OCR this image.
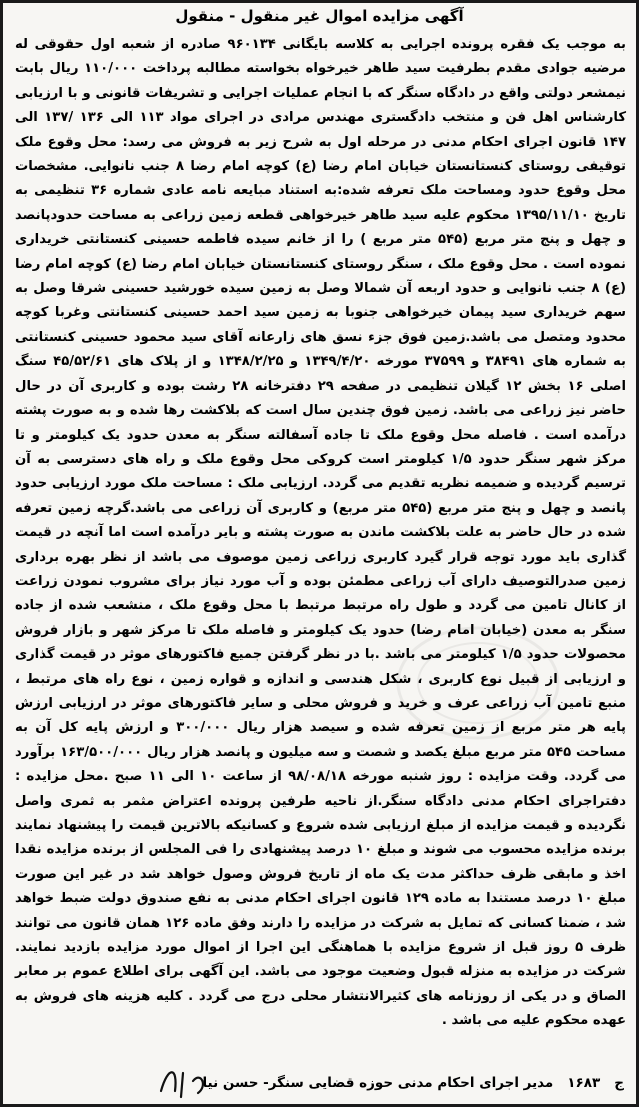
آگهی مزایده اموال غیر منقول - منقول
به موجب یک فقره پرونده اجرایی به کلاسه بایگانی ۹۶۰۱۳۴ صادره از شعبه اول حقوقی له مرضیه جوادی مقدم بطرفیت سید طاهر خیرخواه بخواسته مطالبه پرداخت ۱۱۰/۰۰۰ ریال بابت نیمشعر دولتی واقع در دادگاه سنگر که با انجام عملیات اجرایی و تشریفات قانونی و با ارزیابی کارشناس اهل فن و منتخب دادگستری مهندس مرادی در اجرای مواد ۱۱۳ الی ۱۳۶ /۱۳۷ الی ۱۴۷ قانون اجرای احکام مدنی در مرحله اول به شرح زیر به فروش می رسد: محل وقوع ملک توقیفی روستای کنستانستان خیابان امام رضا (ع) کوچه امام رضا ۸ جنب نانوایی. مشخصات محل وقوع حدود ومساحت ملک تعرفه شده:به استناد مبایعه نامه عادی شماره ۳۶ تنظیمی به تاریخ ۱۳۹۵/۱۱/۱۰ محکوم علیه سید طاهر خیرخواهی قطعه زمین زراعی به مساحت حدودپانصد و چهل و پنج متر مربع (۵۴۵ متر مربع ) را از خانم سیده فاطمه حسینی کنستانتی خریداری نموده است . محل وقوع ملک ، سنگر روستای کنستانستان خیابان امام رضا (ع) کوچه امام رضا (ع) ۸ جنب نانوایی و حدود اربعه آن شمالا وصل به زمین سیده خورشید حسینی شرقا وصل به سهم خریداری سید پیمان خیرخواهی جنوبا به زمین سید احمد حسینی کنستانتی وغربا کوچه محدود ومتصل می باشد.زمین فوق جزء نسق های زارعانه آقای سید محمود حسینی کنستانتی به شماره های ۳۸۴۹۱ و ۳۷۵۹۹ مورخه ۱۳۴۹/۴/۲۰ و ۱۳۴۸/۲/۲۵ و از پلاک های ۴۵/۵۲/۶۱ سنگ اصلی ۱۶ بخش ۱۲ گیلان تنظیمی در صفحه ۲۹ دفترخانه ۲۸ رشت بوده و کاربری آن در حال حاضر نیز زراعی می باشد. زمین فوق چندین سال است که بلاکشت رها شده و به صورت پشته درآمده است . فاصله محل وقوع ملک تا جاده آسفالته سنگر به معدن حدود یک کیلومتر و تا مرکز شهر سنگر حدود ۱/۵ کیلومتر است کروکی محل وقوع ملک و راه های دسترسی به آن ترسیم گردیده و ضمیمه نظریه تقدیم می گردد. ارزیابی ملک : مساحت ملک مورد ارزیابی حدود پانصد و چهل و پنج متر مربع (۵۴۵ متر مربع) و کاربری آن زراعی می باشد.گرچه زمین تعرفه شده در حال حاضر به علت بلاکشت ماندن به صورت پشته و بایر درآمده است اما آنچه در قیمت گذاری باید مورد توجه قرار گیرد کاربری زراعی زمین موصوف می باشد از نظر بهره برداری زمین صدرالتوصیف دارای آب زراعی مطمئن بوده و آب مورد نیاز برای مشروب نمودن زراعت از کانال تامین می گردد و طول راه مرتبط مرتبط با محل وقوع ملک ، منشعب شده از جاده سنگر به معدن (خیابان امام رضا) حدود یک کیلومتر و فاصله ملک تا مرکز شهر و بازار فروش محصولات حدود ۱/۵ کیلومتر می باشد .با در نظر گرفتن جمیع فاکتورهای موثر در قیمت گذاری و ارزیابی از قبیل نوع کاربری ، شکل هندسی و اندازه و قواره زمین ، نوع راه های مرتبط ، منبع تامین آب زراعی عرف و خرید و فروش محلی و سایر فاکتورهای موثر در ارزیابی ارزش پایه هر متر مربع از زمین تعرفه شده و سیصد هزار ریال ۳۰۰/۰۰۰ و ارزش پایه کل آن به مساحت ۵۴۵ متر مربع مبلغ یکصد و شصت و سه میلیون و پانصد هزار ریال ۱۶۳/۵۰۰/۰۰۰ برآورد می گردد. وقت مزایده : روز شنبه مورخه ۹۸/۰۸/۱۸ از ساعت ۱۰ الی ۱۱ صبح .محل مزایده : دفتراجرای احکام مدنی دادگاه سنگر.از ناحیه طرفین پرونده اعتراض مثمر به ثمری واصل نگردیده و قیمت مزایده از مبلغ ارزیابی شده شروع و کسانیکه بالاترین قیمت را پیشنهاد نمایند برنده مزایده محسوب می شوند و مبلغ ۱۰ درصد پیشنهادی را فی المجلس از برنده مزایده نقدا اخذ و مابقی ظرف حداکثر مدت یک ماه از تاریخ فروش وصول خواهد شد در غیر این صورت مبلغ ۱۰ درصد مستندا به ماده ۱۲۹ قانون اجرای احکام مدنی به نفع صندوق دولت ضبط خواهد شد ، ضمنا کسانی که تمایل به شرکت در مزایده را دارند وفق ماده ۱۲۶ همان قانون می توانند ظرف ۵ روز قبل از شروع مزایده با هماهنگی این اجرا از اموال مورد مزایده بازدید نمایند. شرکت در مزایده به منزله قبول وضعیت موجود می باشد. این آگهی برای اطلاع عموم بر معابر الصاق و در یکی از روزنامه های کثیرالانتشار محلی درج می گردد . کلیه هزینه های فروش به عهده محکوم علیه می باشد .
ج
۱۶۸۳
مدیر اجرای احکام مدنی حوزه قضایی سنگر- حسن نیا
